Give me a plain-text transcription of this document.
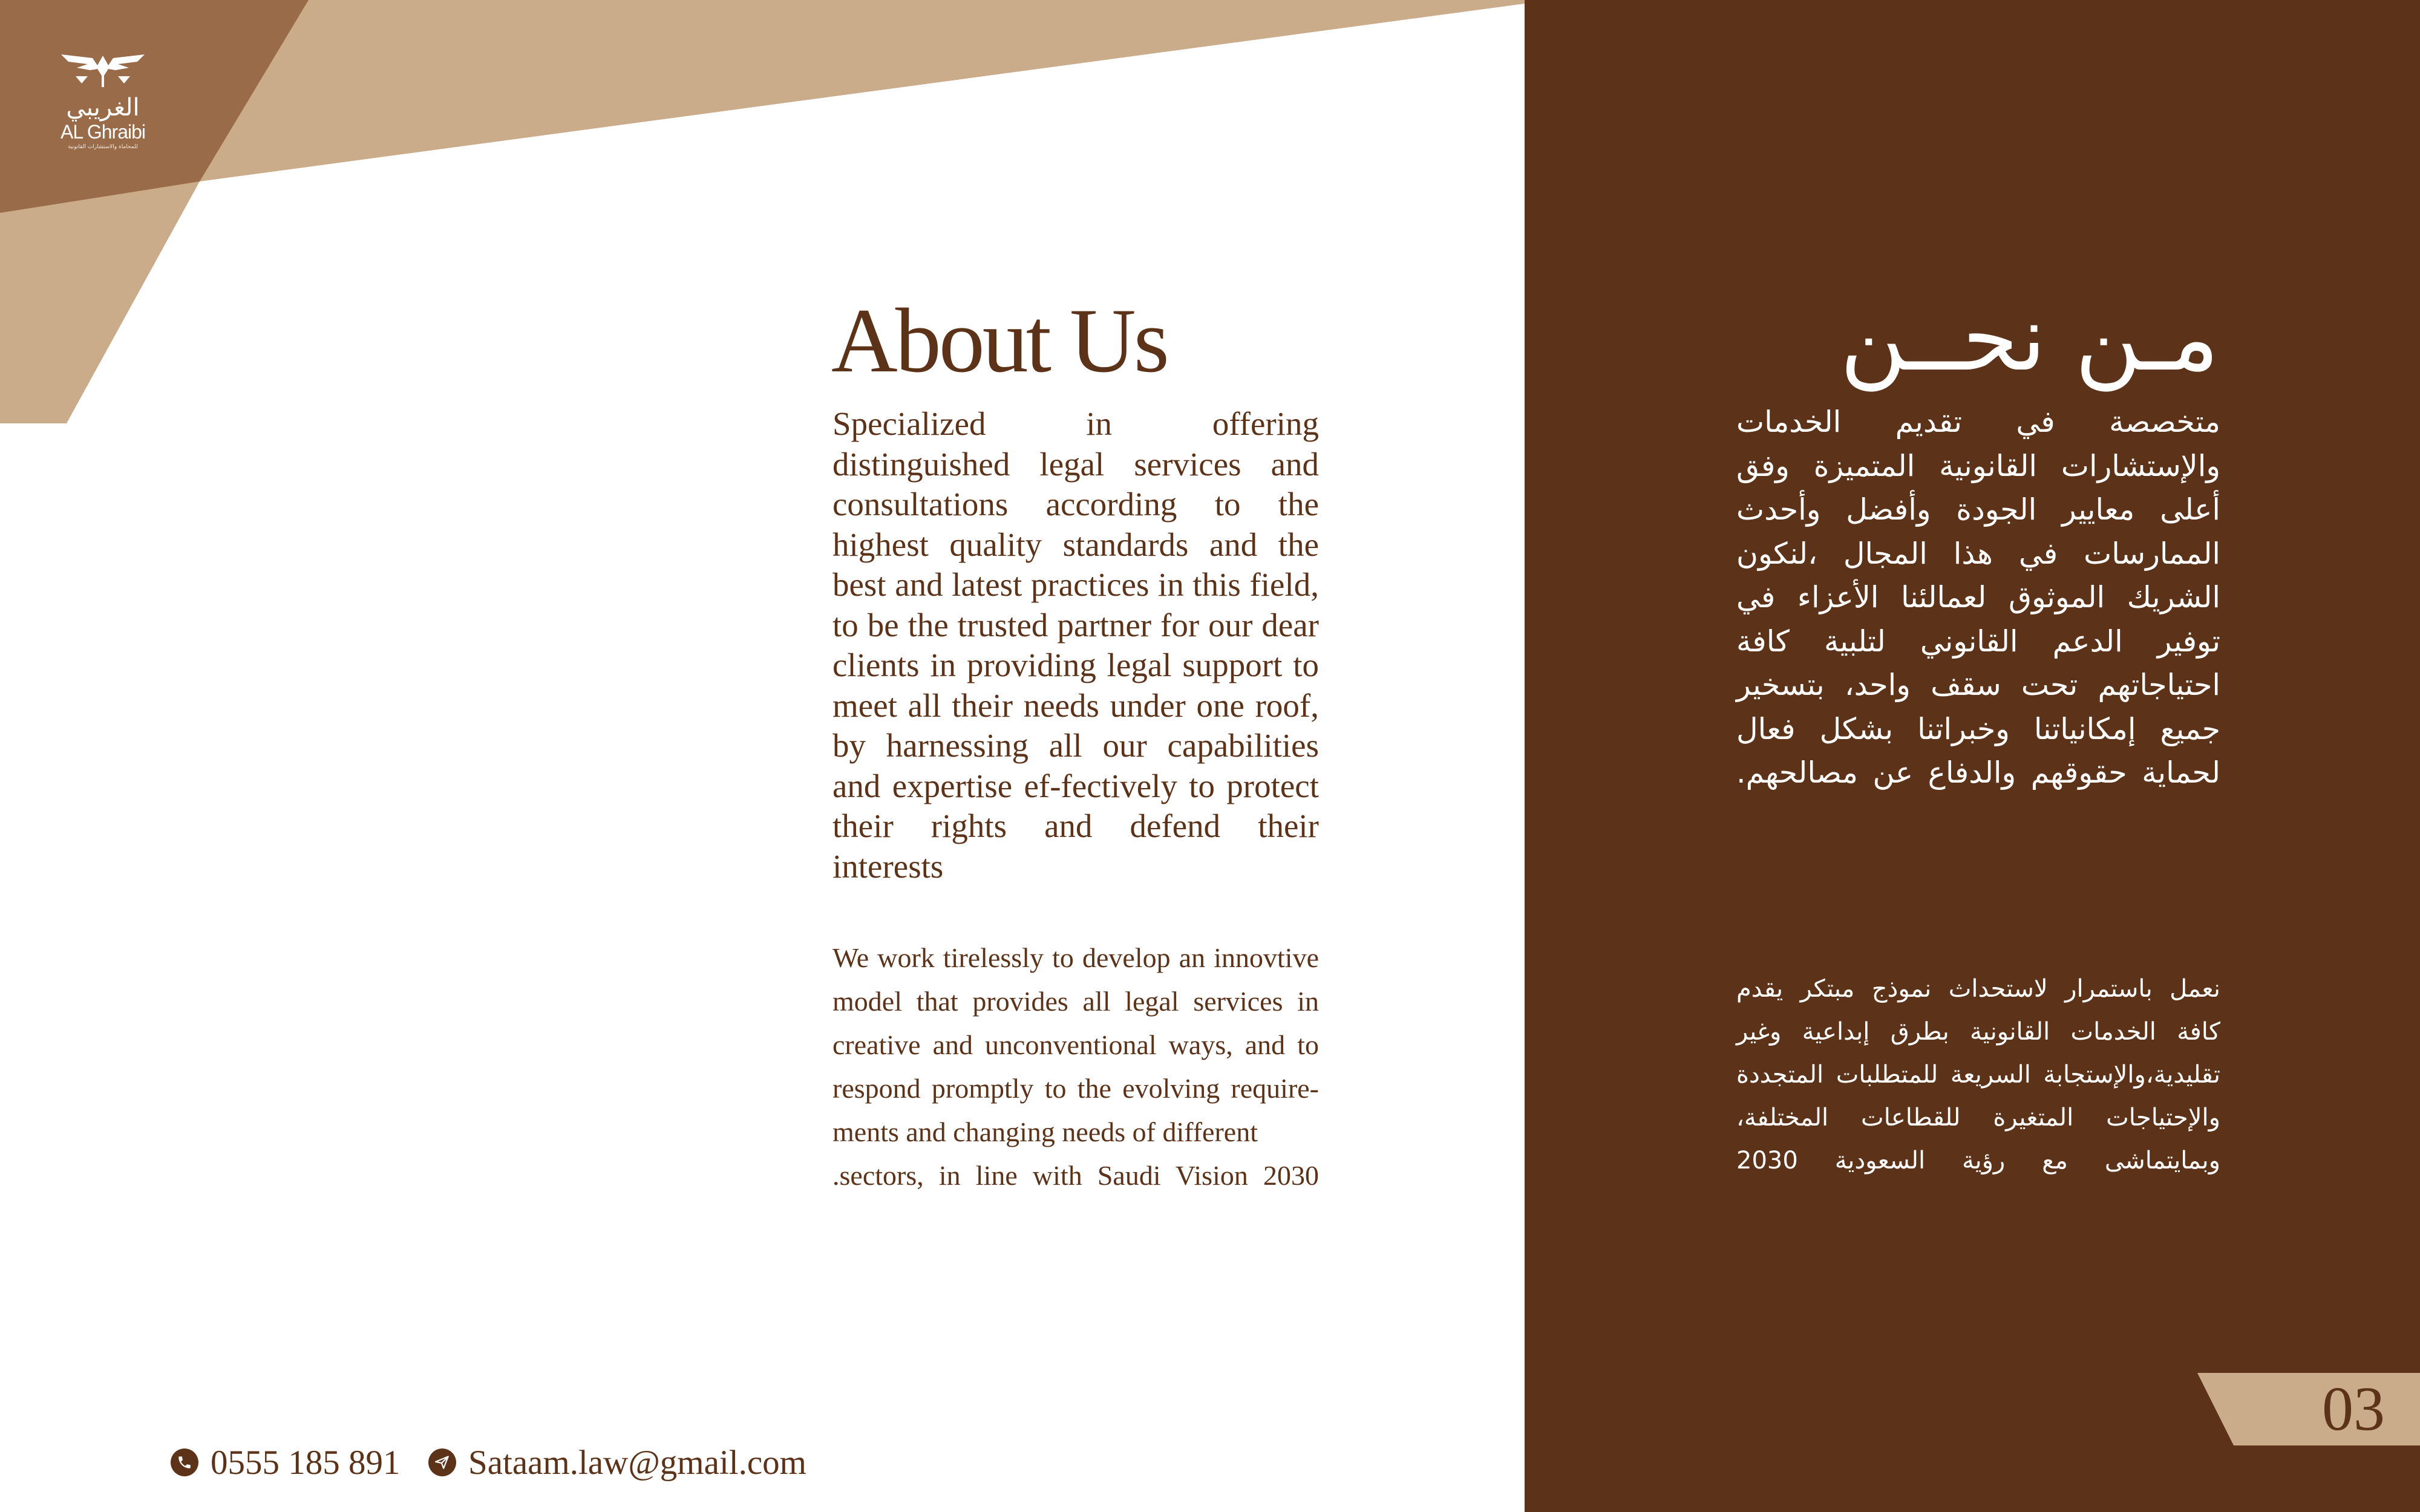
الغريبي
AL Ghraibi
للمحاماة والاستشارات القانونية
About Us

Specialized in offering distinguished legal services and consultations according to the highest quality standards and the best and latest practices in this field, to be the trusted partner for our dear clients in providing legal support to meet all their needs under one roof, by harnessing all our capabilities and expertise ef-fectively to protect their rights and defend their interests

We work tirelessly to develop an innovtive model that provides all legal services in creative and unconventional ways, and to respond promptly to the evolving require-ments and changing needs of different
.sectors, in line with Saudi Vision 2030

مـن نحــن

متخصصة في تقديم الخدمات والإستشارات القانونية المتميزة وفق أعلى معايير الجودة وأفضل وأحدث الممارسات في هذا المجال ،لنكون الشريك الموثوق لعمالئنا الأعزاء في توفير الدعم القانوني لتلبية كافة احتياجاتهم تحت سقف واحد، بتسخير جميع إمكانياتنا وخبراتنا بشكل فعال لحماية حقوقهم والدفاع عن مصالحهم.

نعمل باستمرار لاستحداث نموذج مبتكر يقدم كافة الخدمات القانونية بطرق إبداعية وغير تقليدية،والإستجابة السريعة للمتطلبات المتجددة والإحتياجات المتغيرة للقطاعات المختلفة، وبمايتماشى مع رؤية السعودية 2030

03
0555 185 891 Sataam.law@gmail.com
